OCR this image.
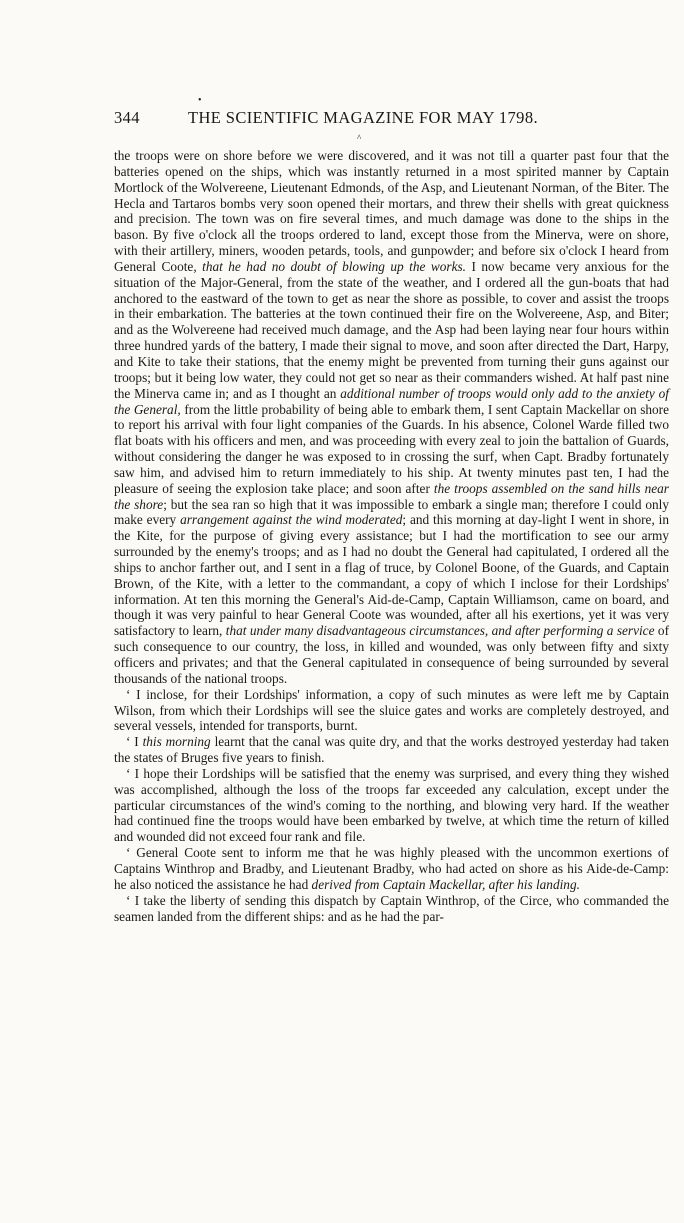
•
344	THE SCIENTIFIC MAGAZINE FOR MAY 1798.
^

the troops were on shore before we were discovered, and it was not till a quarter past four that the batteries opened on the ships, which was instantly returned in a most spirited manner by Captain Mortlock of the Wolvereene, Lieutenant Edmonds, of the Asp, and Lieutenant Norman, of the Biter. The Hecla and Tartaros bombs very soon opened their mortars, and threw their shells with great quickness and precision. The town was on fire several times, and much damage was done to the ships in the bason. By five o'clock all the troops ordered to land, except those from the Minerva, were on shore, with their artillery, miners, wooden petards, tools, and gunpowder; and before six o'clock I heard from General Coote, that he had no doubt of blowing up the works. I now became very anxious for the situation of the Major-General, from the state of the weather, and I ordered all the gun-boats that had anchored to the eastward of the town to get as near the shore as possible, to cover and assist the troops in their embarkation. The batteries at the town continued their fire on the Wolvereene, Asp, and Biter; and as the Wolvereene had received much damage, and the Asp had been laying near four hours within three hundred yards of the battery, I made their signal to move, and soon after directed the Dart, Harpy, and Kite to take their stations, that the enemy might be prevented from turning their guns against our troops; but it being low water, they could not get so near as their commanders wished. At half past nine the Minerva came in; and as I thought an additional number of troops would only add to the anxiety of the General, from the little probability of being able to embark them, I sent Captain Mackellar on shore to report his arrival with four light companies of the Guards. In his absence, Colonel Warde filled two flat boats with his officers and men, and was proceeding with every zeal to join the battalion of Guards, without considering the danger he was exposed to in crossing the surf, when Capt. Bradby fortunately saw him, and advised him to return immediately to his ship. At twenty minutes past ten, I had the pleasure of seeing the explosion take place; and soon after the troops assembled on the sand hills near the shore; but the sea ran so high that it was impossible to embark a single man; therefore I could only make every arrangement against the wind moderated; and this morning at day-light I went in shore, in the Kite, for the purpose of giving every assistance; but I had the mortification to see our army surrounded by the enemy's troops; and as I had no doubt the General had capitulated, I ordered all the ships to anchor farther out, and I sent in a flag of truce, by Colonel Boone, of the Guards, and Captain Brown, of the Kite, with a letter to the commandant, a copy of which I inclose for their Lordships' information. At ten this morning the General's Aid-de-Camp, Captain Williamson, came on board, and though it was very painful to hear General Coote was wounded, after all his exertions, yet it was very satisfactory to learn, that under many disadvantageous circumstances, and after performing a service of such consequence to our country, the loss, in killed and wounded, was only between fifty and sixty officers and privates; and that the General capitulated in consequence of being surrounded by several thousands of the national troops.

‘ I inclose, for their Lordships' information, a copy of such minutes as were left me by Captain Wilson, from which their Lordships will see the sluice gates and works are completely destroyed, and several vessels, intended for transports, burnt.

‘ I this morning learnt that the canal was quite dry, and that the works destroyed yesterday had taken the states of Bruges five years to finish.

‘ I hope their Lordships will be satisfied that the enemy was surprised, and every thing they wished was accomplished, although the loss of the troops far exceeded any calculation, except under the particular circumstances of the wind's coming to the northing, and blowing very hard. If the weather had continued fine the troops would have been embarked by twelve, at which time the return of killed and wounded did not exceed four rank and file.

‘ General Coote sent to inform me that he was highly pleased with the uncommon exertions of Captains Winthrop and Bradby, and Lieutenant Bradby, who had acted on shore as his Aide-de-Camp: he also noticed the assistance he had derived from Captain Mackellar, after his landing.

‘ I take the liberty of sending this dispatch by Captain Winthrop, of the Circe, who commanded the seamen landed from the different ships: and as he had the par-
